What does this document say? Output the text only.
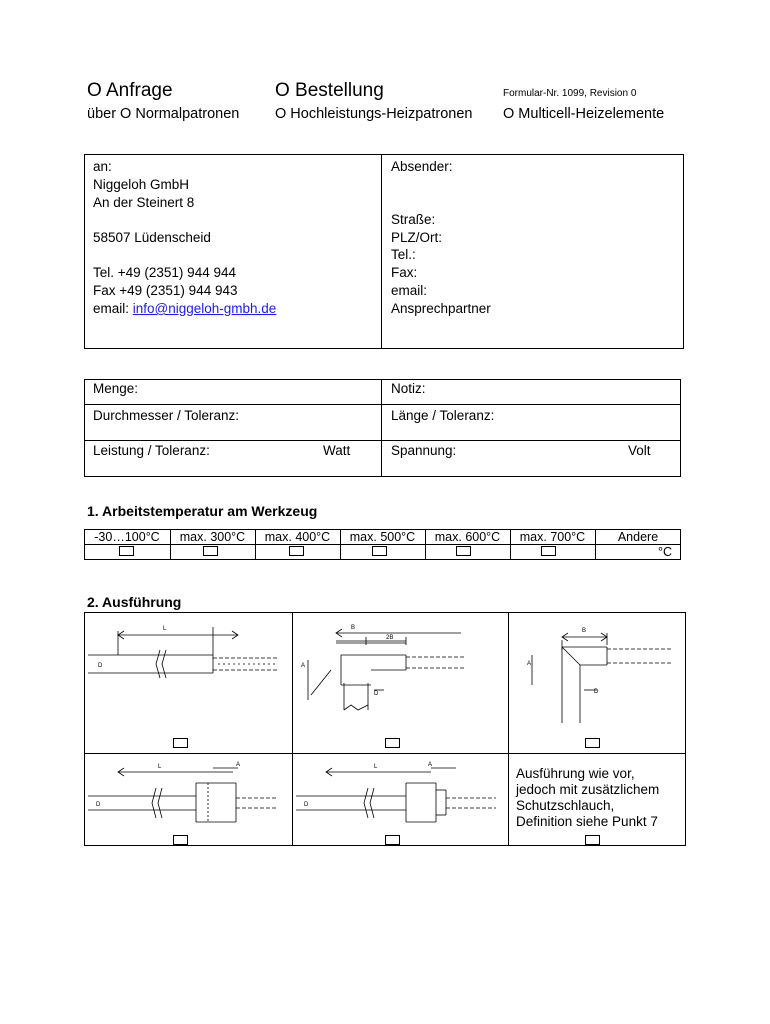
O Anfrage	O Bestellung	Formular-Nr. 1099, Revision 0
über O Normalpatronen O Hochleistungs-Heizpatronen O Multicell-Heizelemente
an:
Niggeloh GmbH
An der Steinert 8
58507 Lüdenscheid
Tel. +49 (2351) 944 944
Fax +49 (2351) 944 943
email: info@niggeloh-gmbh.de
Absender:
Straße:
PLZ/Ort:
Tel.:
Fax:
email:
Ansprechpartner
Menge:	Notiz:
Durchmesser / Toleranz:	Länge / Toleranz:
Leistung / Toleranz:	Watt	Spannung:	Volt
1. Arbeitstemperatur am Werkzeug
-30…100°C	max. 300°C	max. 400°C	max. 500°C	max. 600°C	max. 700°C	Andere
°C
2. Ausführung
L
D
B
2B
A
D
B
A
D
L	A
D
L	A
D
Ausführung wie vor,
jedoch mit zusätzlichem
Schutzschlauch,
Definition siehe Punkt 7
